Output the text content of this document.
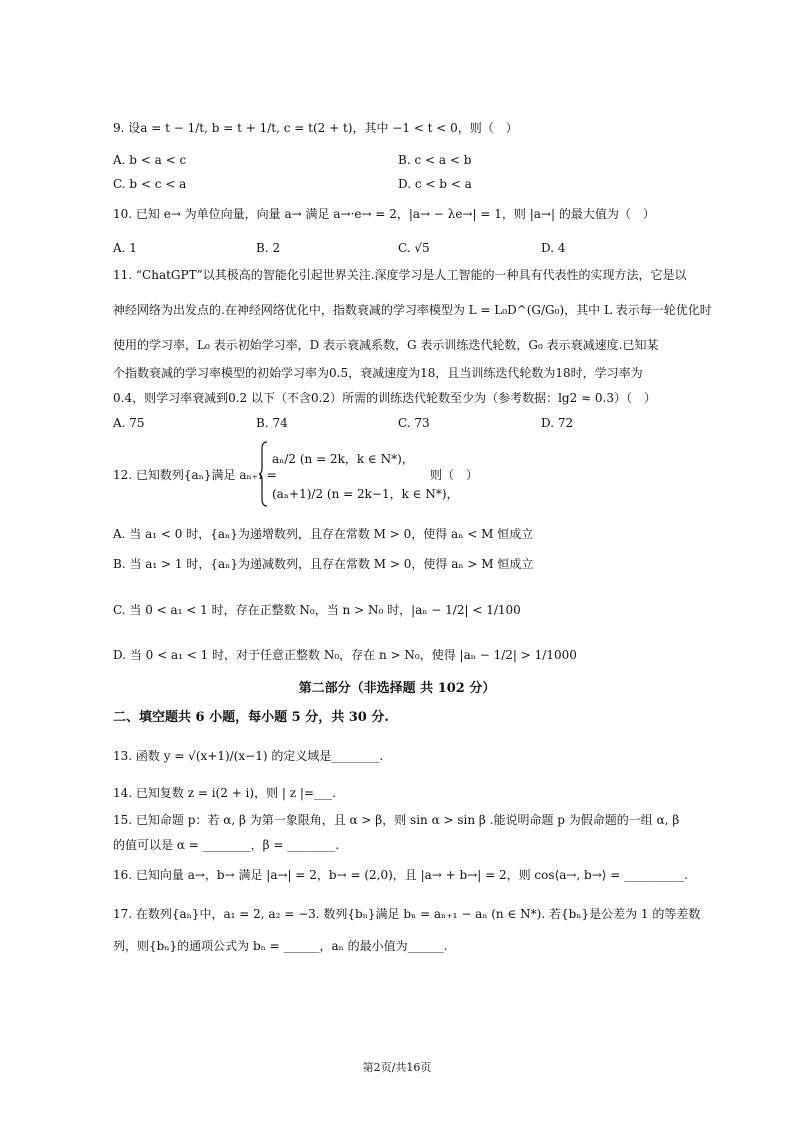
9. 设a = t − 1/t, b = t + 1/t, c = t(2 + t)，其中 −1 < t < 0，则（　）
A. b < a < c	B. c < a < b
C. b < c < a	D. c < b < a
10. 已知 e→ 为单位向量，向量 a→ 满足 a→·e→ = 2，|a→ − λe→| = 1，则 |a→| 的最大值为（　）
A. 1	B. 2	C. √5	D. 4
11. “ChatGPT”以其极高的智能化引起世界关注.深度学习是人工智能的一种具有代表性的实现方法，它是以
神经网络为出发点的.在神经网络优化中，指数衰减的学习率模型为 L = L₀D^(G/G₀)，其中 L 表示每一轮优化时
使用的学习率，L₀ 表示初始学习率，D 表示衰减系数，G 表示训练迭代轮数，G₀ 表示衰减速度.已知某
个指数衰减的学习率模型的初始学习率为0.5，衰减速度为18，且当训练迭代轮数为18时，学习率为
0.4，则学习率衰减到0.2 以下（不含0.2）所需的训练迭代轮数至少为（参考数据：lg2 ≈ 0.3）（　）
A. 75	B. 74	C. 73	D. 72
12. 已知数列{aₙ}满足 aₙ₊₁ =
aₙ/2 (n = 2k，k ∈ N*)，
(aₙ+1)/2 (n = 2k−1，k ∈ N*)，
则（　）
A. 当 a₁ < 0 时，{aₙ}为递增数列，且存在常数 M > 0，使得 aₙ < M 恒成立
B. 当 a₁ > 1 时，{aₙ}为递减数列，且存在常数 M > 0，使得 aₙ > M 恒成立
C. 当 0 < a₁ < 1 时，存在正整数 N₀，当 n > N₀ 时，|aₙ − 1/2| < 1/100
D. 当 0 < a₁ < 1 时，对于任意正整数 N₀，存在 n > N₀，使得 |aₙ − 1/2| > 1/1000
第二部分（非选择题 共 102 分）
二、填空题共 6 小题，每小题 5 分，共 30 分.
13. 函数 y = √(x+1)/(x−1) 的定义域是________.
14. 已知复数 z = i(2 + i)，则 | z |=___.
15. 已知命题 p：若 α, β 为第一象限角，且 α > β，则 sin α > sin β .能说明命题 p 为假命题的一组 α, β
的值可以是 α = ________，β = ________.
16. 已知向量 a→，b→ 满足 |a→| = 2，b→ = (2,0)，且 |a→ + b→| = 2，则 cos⟨a→, b→⟩ = __________.
17. 在数列{aₙ}中，a₁ = 2, a₂ = −3. 数列{bₙ}满足 bₙ = aₙ₊₁ − aₙ (n ∈ N*). 若{bₙ}是公差为 1 的等差数
列，则{bₙ}的通项公式为 bₙ = ______，aₙ 的最小值为______.
第2页/共16页
